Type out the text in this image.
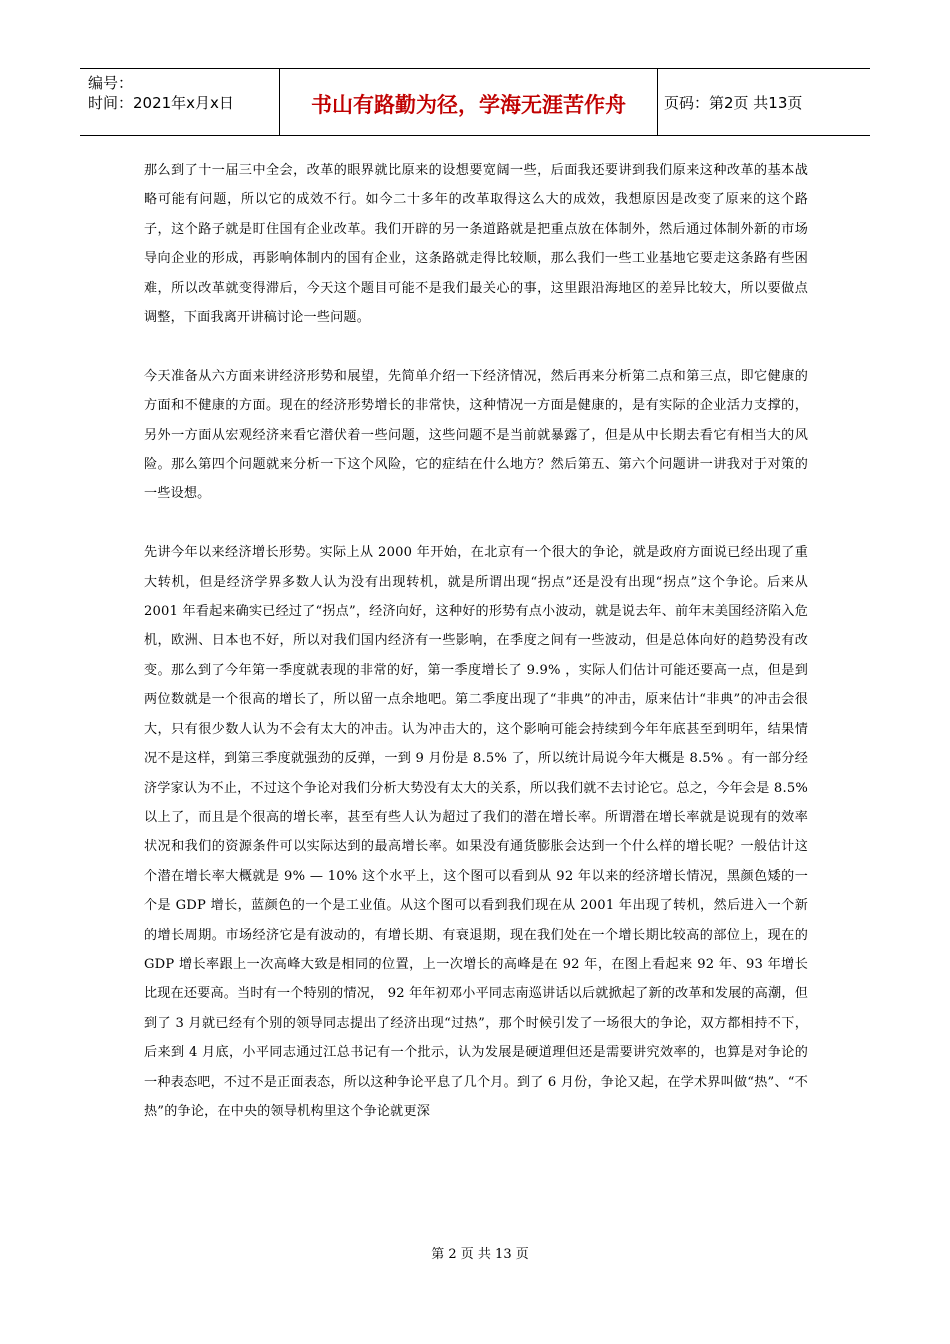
编号：
时间：2021年x月x日	书山有路勤为径，学海无涯苦作舟	页码：第2页 共13页

那么到了十一届三中全会，改革的眼界就比原来的设想要宽阔一些，后面我还要讲到我们原来这种改革的基本战略可能有问题，所以它的成效不行。如今二十多年的改革取得这么大的成效，我想原因是改变了原来的这个路子，这个路子就是盯住国有企业改革。我们开辟的另一条道路就是把重点放在体制外，然后通过体制外新的市场导向企业的形成，再影响体制内的国有企业，这条路就走得比较顺，那么我们一些工业基地它要走这条路有些困难，所以改革就变得滞后，今天这个题目可能不是我们最关心的事，这里跟沿海地区的差异比较大，所以要做点调整，下面我离开讲稿讨论一些问题。

今天准备从六方面来讲经济形势和展望，先简单介绍一下经济情况，然后再来分析第二点和第三点，即它健康的方面和不健康的方面。现在的经济形势增长的非常快，这种情况一方面是健康的，是有实际的企业活力支撑的，另外一方面从宏观经济来看它潜伏着一些问题，这些问题不是当前就暴露了，但是从中长期去看它有相当大的风险。那么第四个问题就来分析一下这个风险，它的症结在什么地方？然后第五、第六个问题讲一讲我对于对策的一些设想。

先讲今年以来经济增长形势。实际上从 2000 年开始，在北京有一个很大的争论，就是政府方面说已经出现了重大转机，但是经济学界多数人认为没有出现转机，就是所谓出现“拐点”还是没有出现“拐点”这个争论。后来从 2001 年看起来确实已经过了“拐点”，经济向好，这种好的形势有点小波动，就是说去年、前年末美国经济陷入危机，欧洲、日本也不好，所以对我们国内经济有一些影响，在季度之间有一些波动，但是总体向好的趋势没有改变。那么到了今年第一季度就表现的非常的好，第一季度增长了 9.9% ，实际人们估计可能还要高一点，但是到两位数就是一个很高的增长了，所以留一点余地吧。第二季度出现了“非典”的冲击，原来估计“非典”的冲击会很大，只有很少数人认为不会有太大的冲击。认为冲击大的，这个影响可能会持续到今年年底甚至到明年，结果情况不是这样，到第三季度就强劲的反弹，一到 9 月份是 8.5% 了，所以统计局说今年大概是 8.5% 。有一部分经济学家认为不止，不过这个争论对我们分析大势没有太大的关系，所以我们就不去讨论它。总之，今年会是 8.5% 以上了，而且是个很高的增长率，甚至有些人认为超过了我们的潜在增长率。所谓潜在增长率就是说现有的效率状况和我们的资源条件可以实际达到的最高增长率。如果没有通货膨胀会达到一个什么样的增长呢？一般估计这个潜在增长率大概就是 9% — 10% 这个水平上，这个图可以看到从 92 年以来的经济增长情况，黑颜色矮的一个是 GDP 增长，蓝颜色的一个是工业值。从这个图可以看到我们现在从 2001 年出现了转机，然后进入一个新的增长周期。市场经济它是有波动的，有增长期、有衰退期，现在我们处在一个增长期比较高的部位上，现在的 GDP 增长率跟上一次高峰大致是相同的位置，上一次增长的高峰是在 92 年，在图上看起来 92 年、93 年增长比现在还要高。当时有一个特别的情况， 92 年年初邓小平同志南巡讲话以后就掀起了新的改革和发展的高潮，但到了 3 月就已经有个别的领导同志提出了经济出现“过热”，那个时候引发了一场很大的争论，双方都相持不下，后来到 4 月底，小平同志通过江总书记有一个批示，认为发展是硬道理但还是需要讲究效率的，也算是对争论的一种表态吧，不过不是正面表态，所以这种争论平息了几个月。到了 6 月份，争论又起，在学术界叫做“热”、“不热”的争论，在中央的领导机构里这个争论就更深

第 2 页 共 13 页
